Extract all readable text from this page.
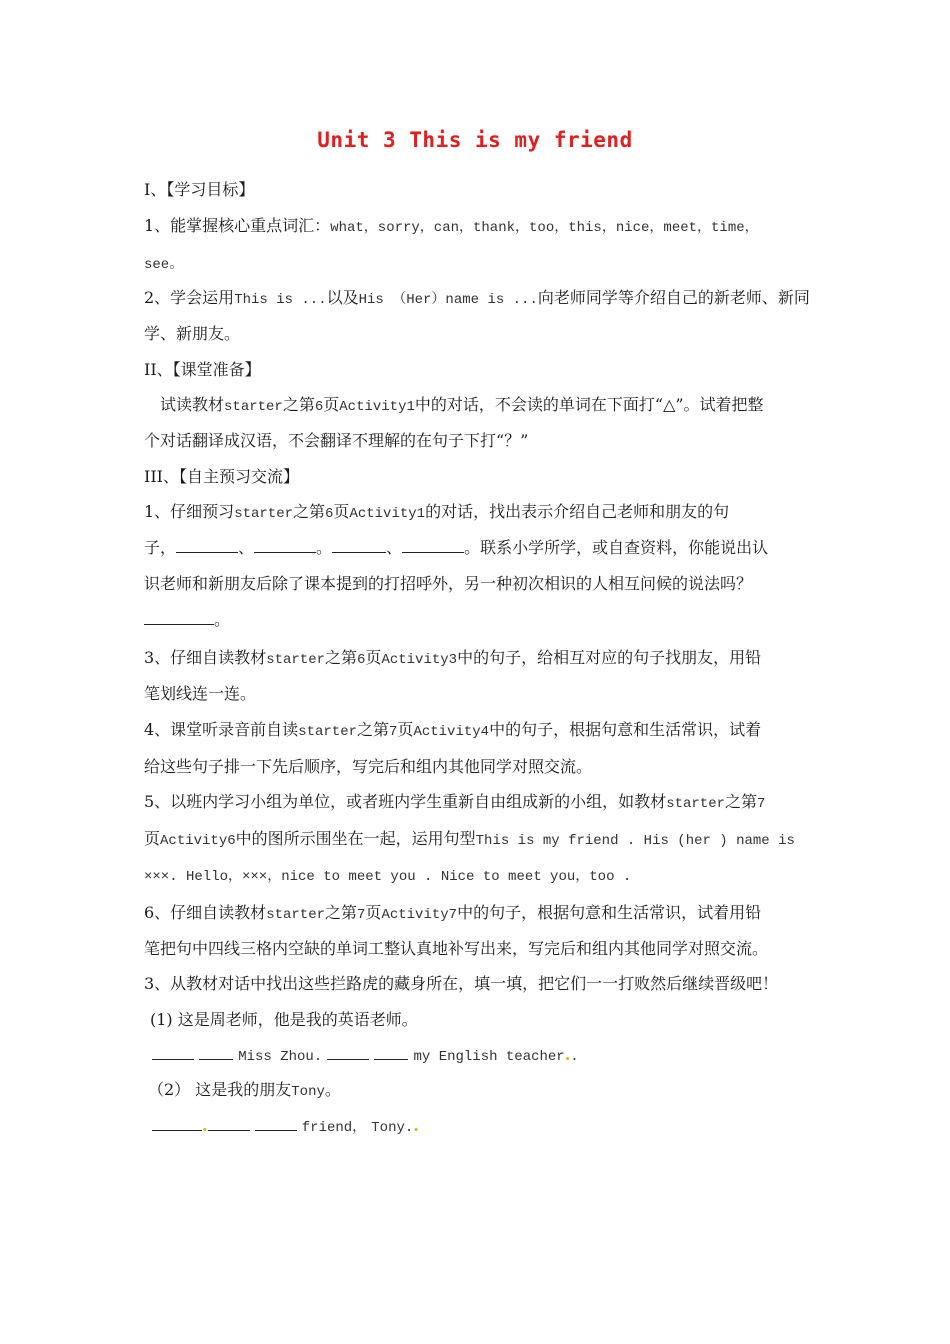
Unit 3 This is my friend
I、【学习目标】
1、能掌握核心重点词汇：what，sorry，can，thank，too，this，nice，meet，time，
see。
2、学会运用This is ...以及His （Her）name is ...向老师同学等介绍自己的新老师、新同
学、新朋友。
II、【课堂准备】
试读教材starter之第6页Activity1中的对话，不会读的单词在下面打“△”。试着把整
个对话翻译成汉语，不会翻译不理解的在句子下打“？”
III、【自主预习交流】
1、仔细预习starter之第6页Activity1的对话，找出表示介绍自己老师和朋友的句
子，	、	。	、	。联系小学所学，或自查资料，你能说出认
识老师和新朋友后除了课本提到的打招呼外，另一种初次相识的人相互问候的说法吗？
。
3、仔细自读教材starter之第6页Activity3中的句子，给相互对应的句子找朋友，用铅
笔划线连一连。
4、课堂听录音前自读starter之第7页Activity4中的句子，根据句意和生活常识，试着
给这些句子排一下先后顺序，写完后和组内其他同学对照交流。
5、以班内学习小组为单位，或者班内学生重新自由组成新的小组，如教材starter之第7
页Activity6中的图所示围坐在一起，运用句型This is my friend . His (her ) name is
×××. Hello，×××，nice to meet you . Nice to meet you，too .
6、仔细自读教材starter之第7页Activity7中的句子，根据句意和生活常识，试着用铅
笔把句中四线三格内空缺的单词工整认真地补写出来，写完后和组内其他同学对照交流。
3、从教材对话中找出这些拦路虎的藏身所在，填一填，把它们一一打败然后继续晋级吧！
(1) 这是周老师，他是我的英语老师。
Miss Zhou.	my English teacher..
（2） 这是我的朋友Tony。
.	friend， Tony..
